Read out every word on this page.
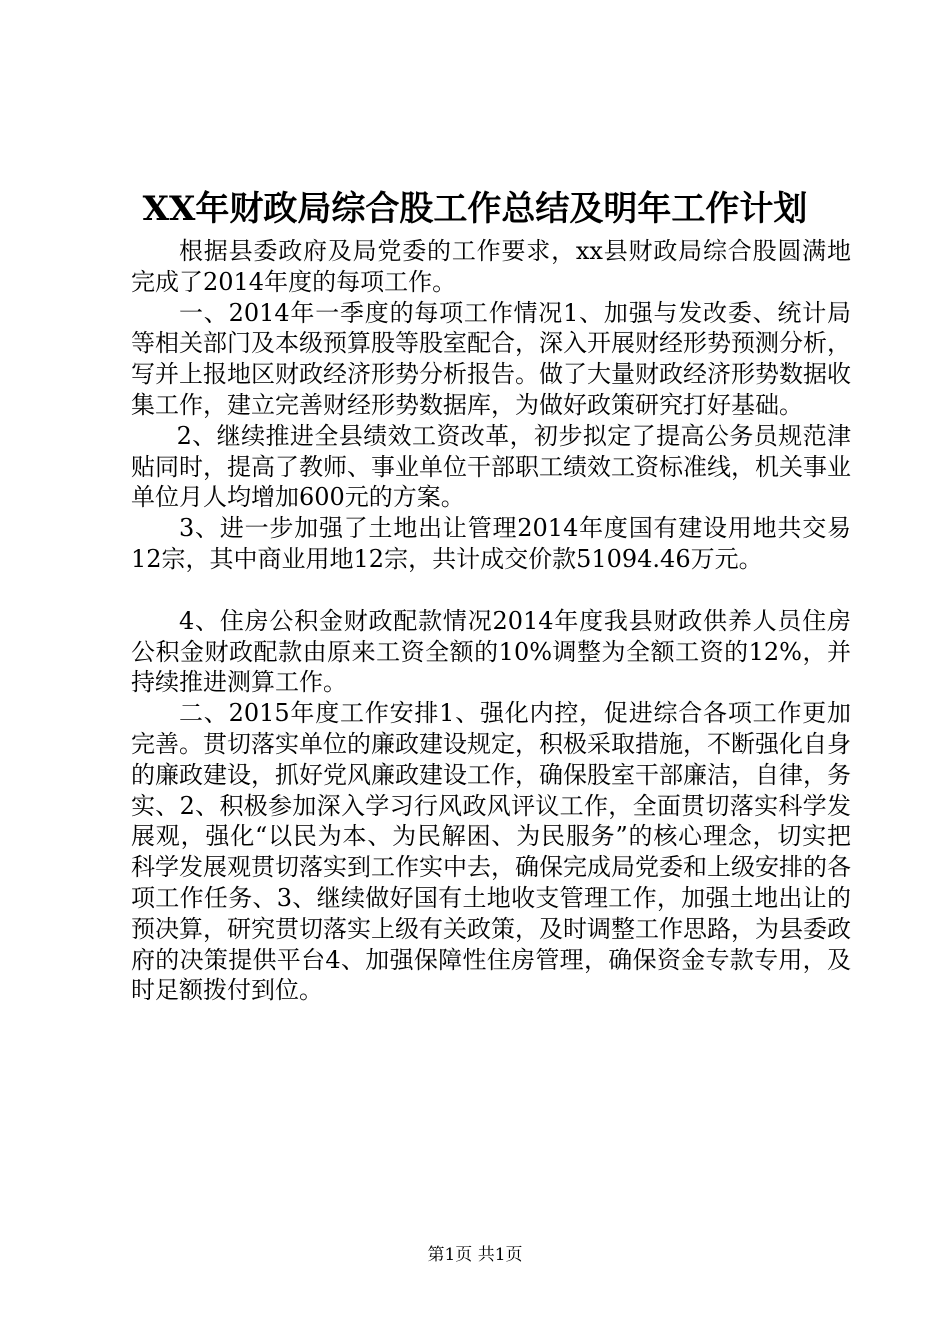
XX年财政局综合股工作总结及明年工作计划

根据县委政府及局党委的工作要求，xx县财政局综合股圆满地完成了2014年度的每项工作。

一、2014年一季度的每项工作情况1、加强与发改委、统计局等相关部门及本级预算股等股室配合，深入开展财经形势预测分析，写并上报地区财政经济形势分析报告。做了大量财政经济形势数据收集工作，建立完善财经形势数据库，为做好政策研究打好基础。

2、继续推进全县绩效工资改革，初步拟定了提高公务员规范津贴同时，提高了教师、事业单位干部职工绩效工资标准线，机关事业单位月人均增加600元的方案。

3、进一步加强了土地出让管理2014年度国有建设用地共交易12宗，其中商业用地12宗，共计成交价款51094.46万元。

4、住房公积金财政配款情况2014年度我县财政供养人员住房公积金财政配款由原来工资全额的10%调整为全额工资的12%，并持续推进测算工作。

二、2015年度工作安排1、强化内控，促进综合各项工作更加完善。贯切落实单位的廉政建设规定，积极采取措施，不断强化自身的廉政建设，抓好党风廉政建设工作，确保股室干部廉洁，自律，务实、2、积极参加深入学习行风政风评议工作，全面贯切落实科学发展观，强化“以民为本、为民解困、为民服务”的核心理念，切实把科学发展观贯切落实到工作实中去，确保完成局党委和上级安排的各项工作任务、3、继续做好国有土地收支管理工作，加强土地出让的预决算，研究贯切落实上级有关政策，及时调整工作思路，为县委政府的决策提供平台4、加强保障性住房管理，确保资金专款专用，及时足额拨付到位。

第1页 共1页
